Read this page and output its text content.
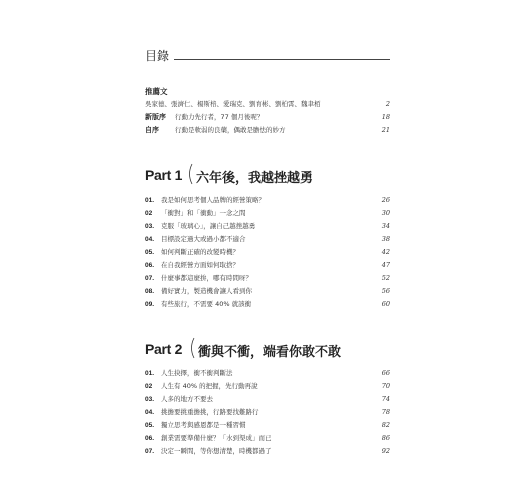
目錄
推薦文
吳家德、張濟仁、楊斯棓、愛瑞克、劉育彬、劉柏霄、魏聿栢	2
新版序 行動力先行者，77 個月後呢？	18
自序 行動是軟弱的良藥，偶敢是膽怯的妙方	21
Part 1 六年後，我越挫越勇
01. 我是如何思考個人品牌的經營策略？	26
02 「衝對」和「衝動」一念之間	30
03. 克服「玻璃心」，讓自己越挫越勇	34
04. 目標設定過大或過小都不適合	38
05. 如何判斷正確的改變時機？	42
06. 在自我經營方面如何取捨？	47
07. 什麼事都這麼拚，哪有時間呀？	52
08. 備好實力，製造機會讓人看到你	56
09. 有些旅行，不需要 40% 就該衝	60
Part 2 衝與不衝，端看你敢不敢
01. 人生抉擇，衝不衝判斷法	66
02 人生有 40% 的把握，先行動再說	70
03. 人多的地方不要去	74
04. 挑擔要挑重擔挑，行路要找難路行	78
05. 獨立思考與感恩都是一種習慣	82
06. 創業需要準備什麼？「水到渠成」而已	86
07. 決定一瞬間，等你想清楚，時機都過了	92
